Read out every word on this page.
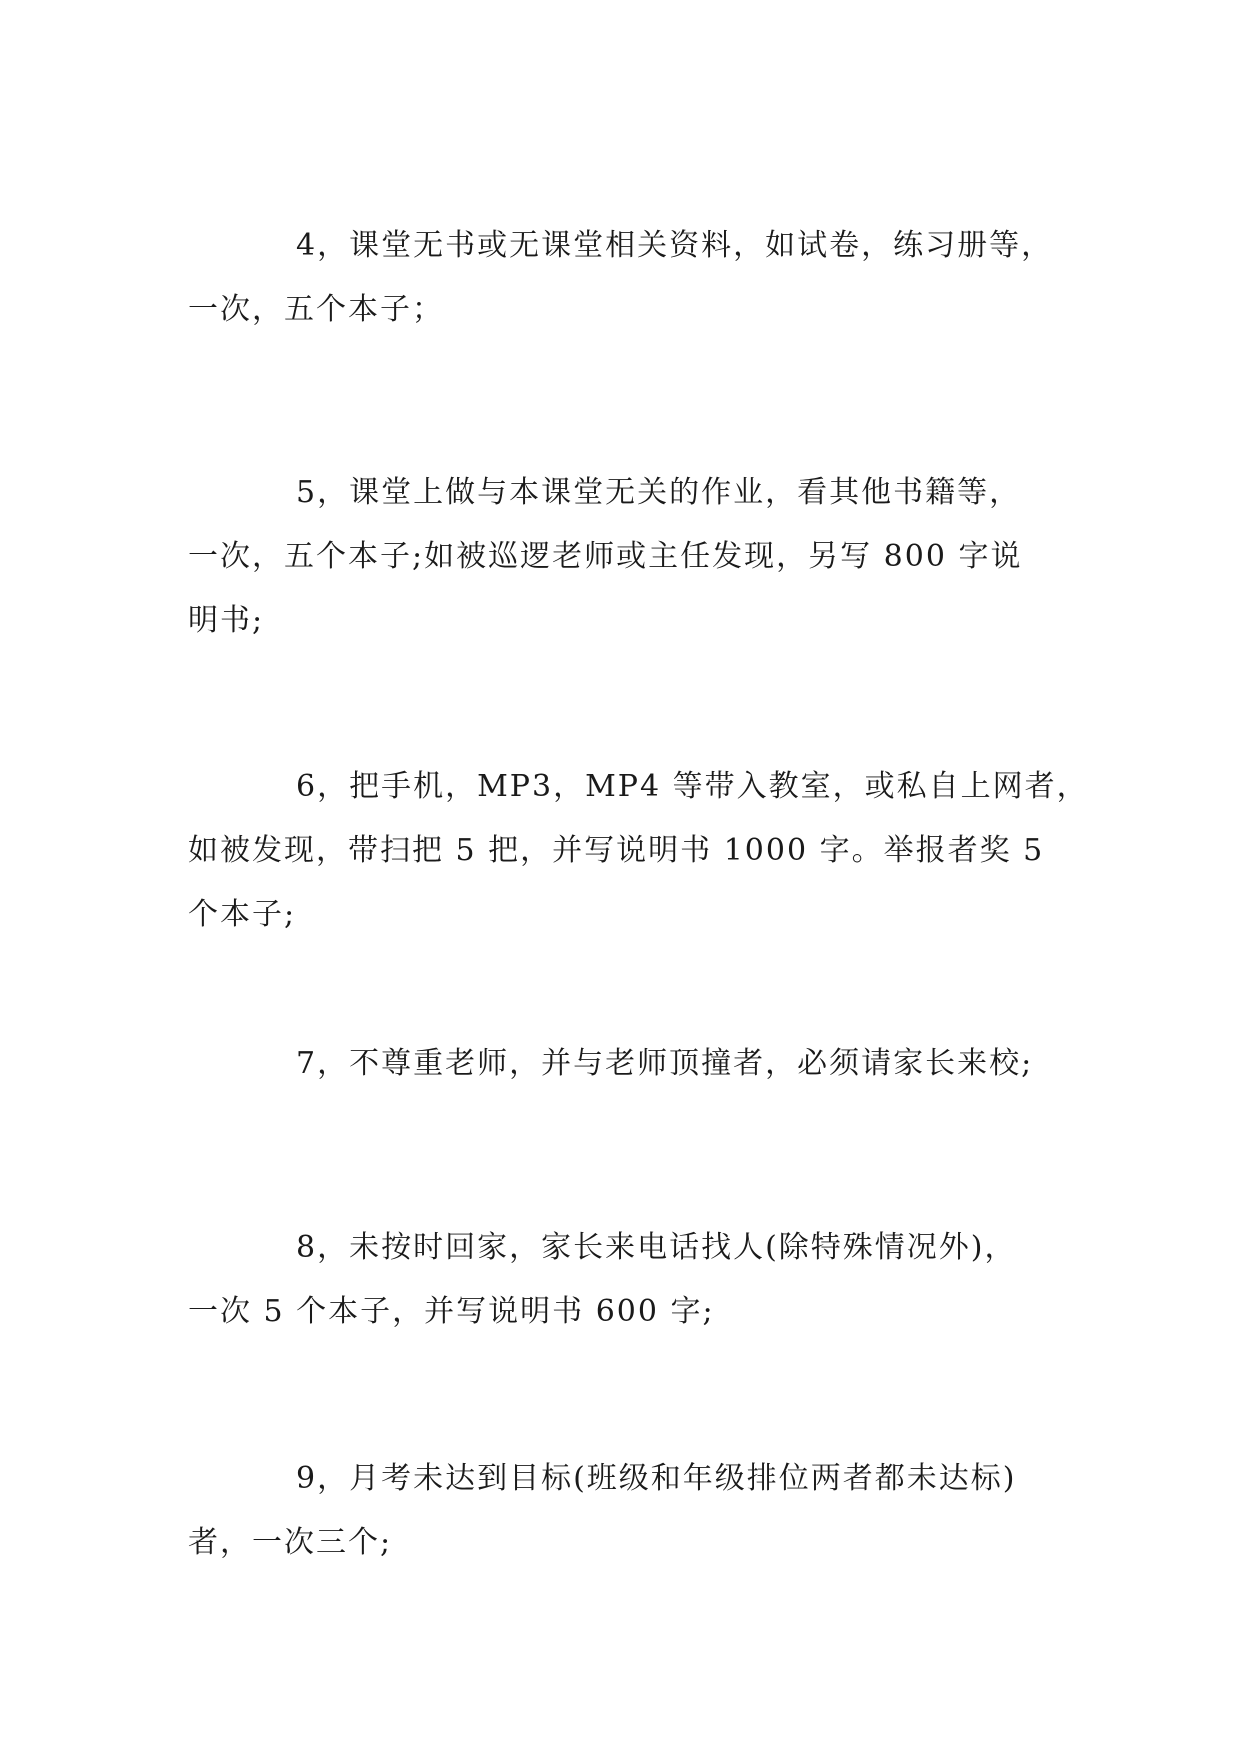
4，课堂无书或无课堂相关资料，如试卷，练习册等，
一次，五个本子；

5，课堂上做与本课堂无关的作业，看其他书籍等，
一次，五个本子;如被巡逻老师或主任发现，另写 800 字说
明书;

6，把手机，MP3，MP4 等带入教室，或私自上网者，
如被发现，带扫把 5 把，并写说明书 1000 字。举报者奖 5
个本子;

7，不尊重老师，并与老师顶撞者，必须请家长来校;

8，未按时回家，家长来电话找人(除特殊情况外)，
一次 5 个本子，并写说明书 600 字;

9，月考未达到目标(班级和年级排位两者都未达标)
者，一次三个;
